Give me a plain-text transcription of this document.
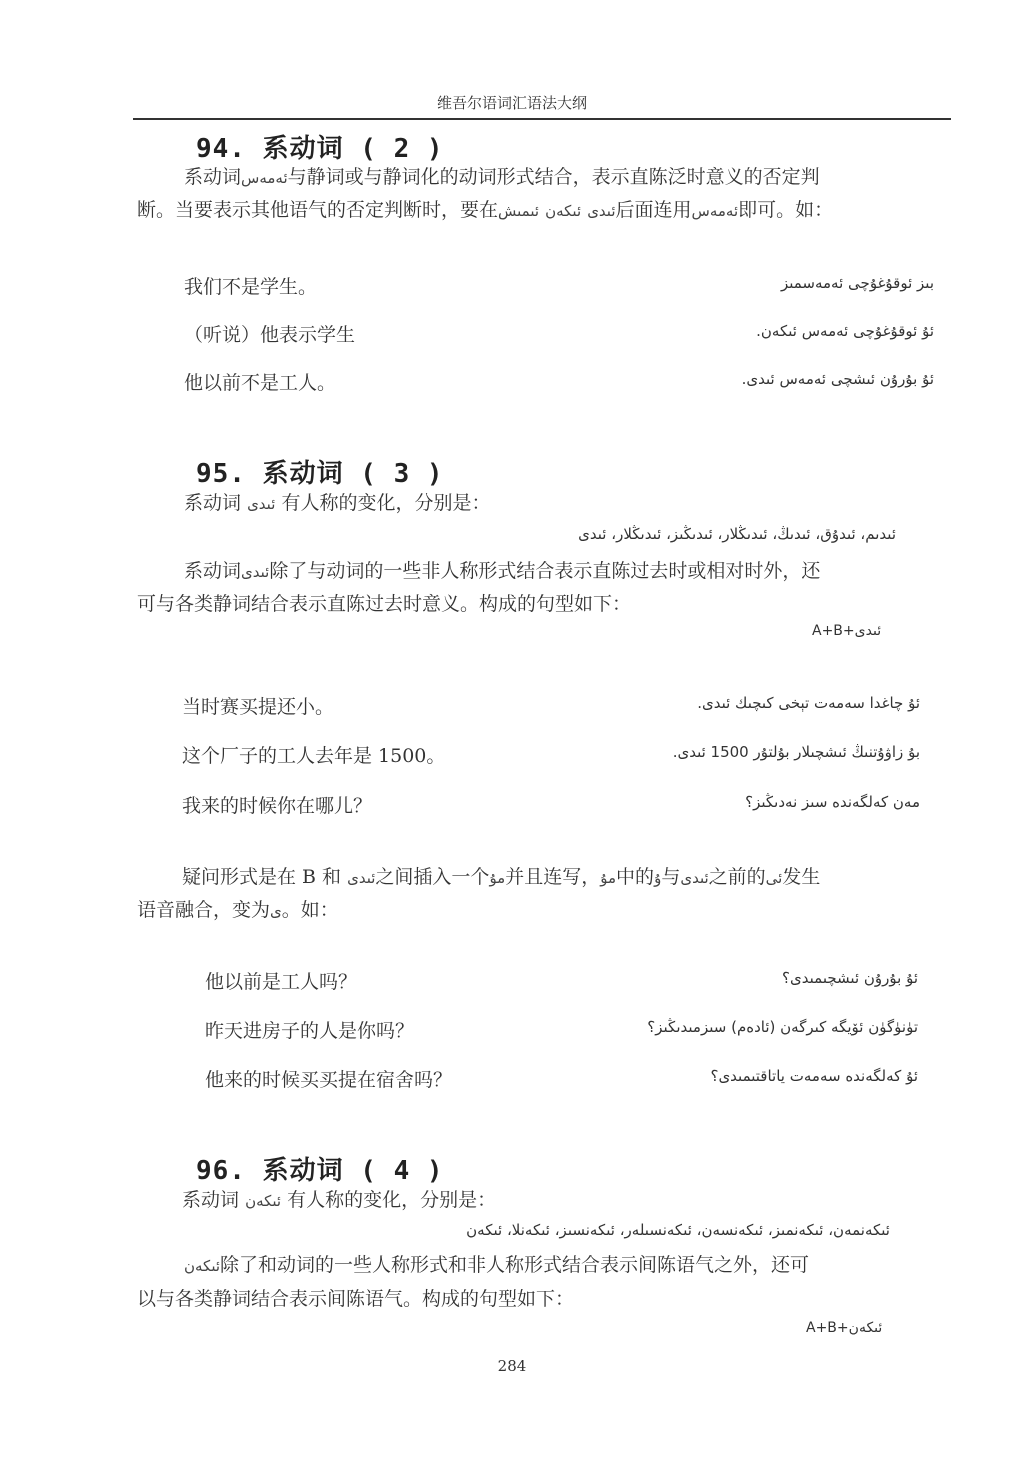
维吾尔语词汇语法大纲
94. 系动词 ( 2 )

系动词ئەمەس与静词或与静词化的动词形式结合，表示直陈泛时意义的否定判

断。当要表示其他语气的否定判断时，要在ئىمىش ئىكەن ئىدى后面连用ئەمەس即可。如：

我们不是学生。	بىز ئوقۇغۇچى ئەمەسمىز
（听说）他表示学生	ئۇ ئوقۇغۇچى ئەمەس ئىكەن.
他以前不是工人。	ئۇ بۇرۇن ئىشچى ئەمەس ئىدى.
95. 系动词 ( 3 )

系动词 ئىدى 有人称的变化，分别是：

ئىدىم، ئىدۇق، ئىدىڭ، ئىدىڭلار، ئىدىڭىز، ئىدىڭلار، ئىدى

系动词ئىدى除了与动词的一些非人称形式结合表示直陈过去时或相对时外，还

可与各类静词结合表示直陈过去时意义。构成的句型如下：

A+B+ئىدى
当时赛买提还小。	ئۇ چاغدا سەمەت تېخى كىچىك ئىدى.
这个厂子的工人去年是 1500。	بۇ زاۋۇتنىڭ ئىشچىلار بۇلتۇر 1500 ئىدى.
我来的时候你在哪儿？	مەن كەلگەندە سىز نەدىڭىز؟

疑问形式是在 B 和 ئىدى之间插入一个مۇ并且连写，مۇ中的ۇ与ئىدى之前的ئى发生

语音融合，变为ى。如：

他以前是工人吗？	ئۇ بۇرۇن ئىشچىمىدى؟
昨天进房子的人是你吗？	تۈنۈگۈن ئۆيگە كىرگەن (ئادەم) سىزمىدىڭىز؟
他来的时候买买提在宿舍吗？	ئۇ كەلگەندە سەمەت ياتاقتىمىدى؟
96. 系动词 ( 4 )

系动词 ئىكەن 有人称的变化，分别是：

ئىكەنمەن، ئىكەنمىز، ئىكەنسەن، ئىكەنسىلەر، ئىكەنسىز، ئىكەنلا، ئىكەن

ئىكەن除了和动词的一些人称形式和非人称形式结合表示间陈语气之外，还可

以与各类静词结合表示间陈语气。构成的句型如下：

A+B+ئىكەن
284
